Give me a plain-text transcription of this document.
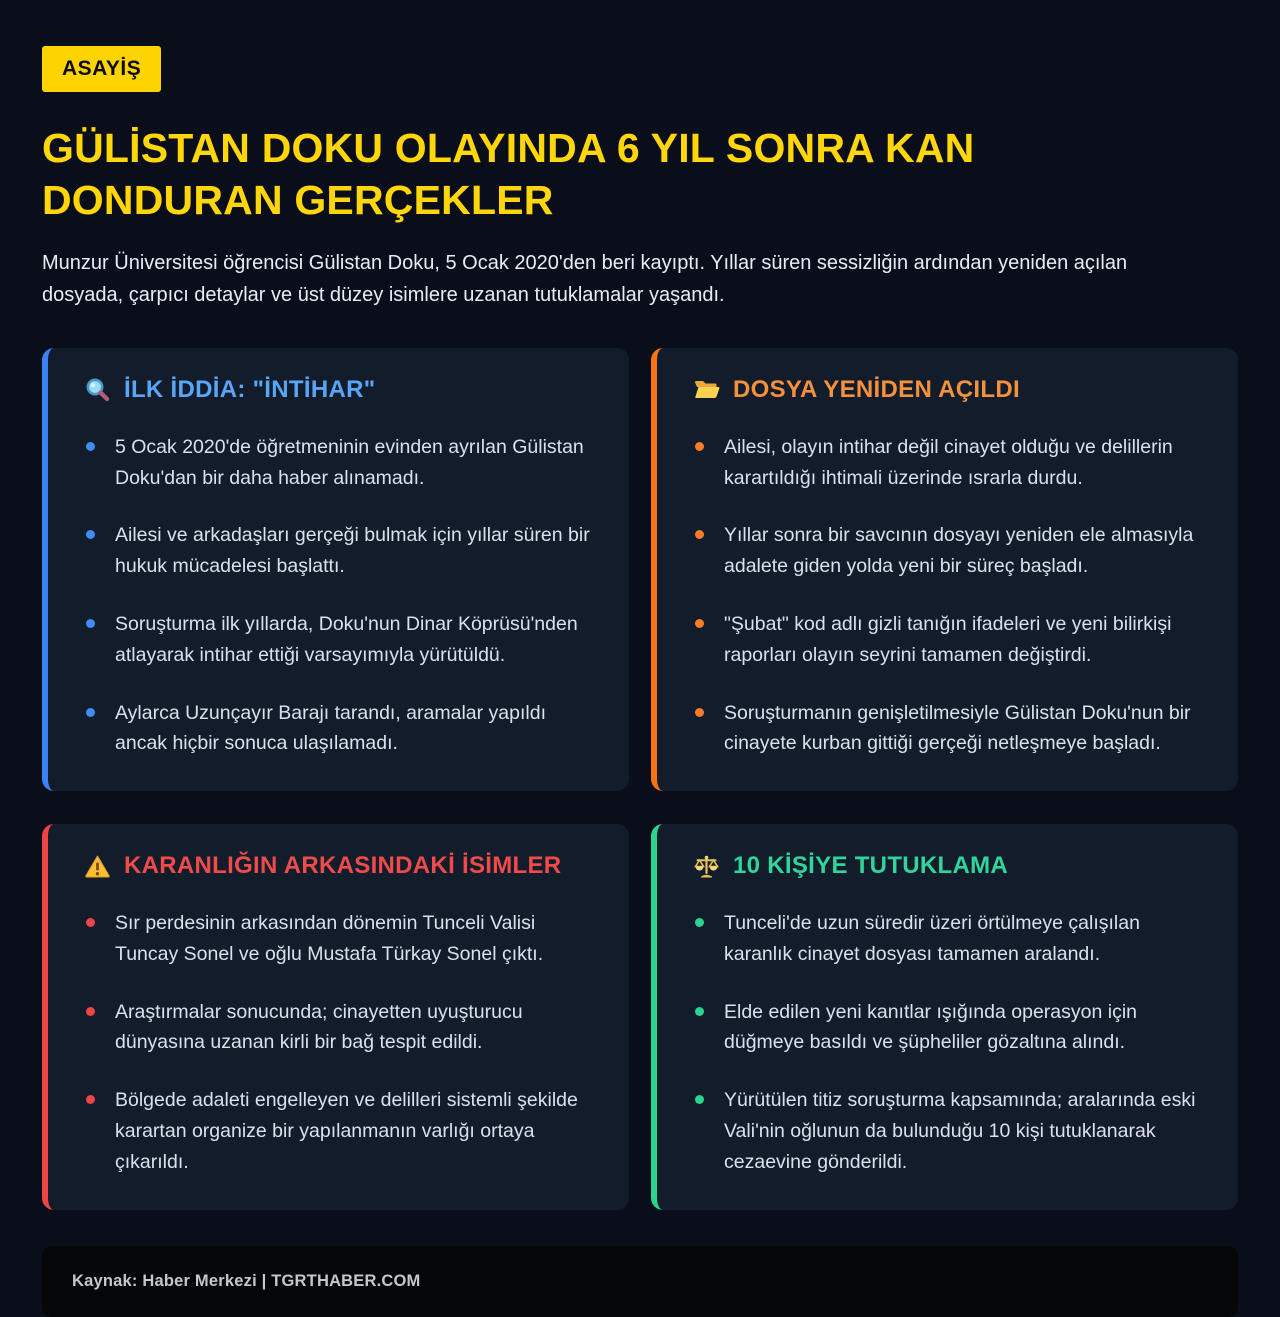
ASAYİŞ
GÜLİSTAN DOKU OLAYINDA 6 YIL SONRA KAN DONDURAN GERÇEKLER

Munzur Üniversitesi öğrencisi Gülistan Doku, 5 Ocak 2020'den beri kayıptı. Yıllar süren sessizliğin ardından yeniden açılan dosyada, çarpıcı detaylar ve üst düzey isimlere uzanan tutuklamalar yaşandı.

İLK İDDİA: "İNTİHAR"
5 Ocak 2020'de öğretmeninin evinden ayrılan Gülistan Doku'dan bir daha haber alınamadı.
Ailesi ve arkadaşları gerçeği bulmak için yıllar süren bir hukuk mücadelesi başlattı.
Soruşturma ilk yıllarda, Doku'nun Dinar Köprüsü'nden atlayarak intihar ettiği varsayımıyla yürütüldü.
Aylarca Uzunçayır Barajı tarandı, aramalar yapıldı ancak hiçbir sonuca ulaşılamadı.
DOSYA YENİDEN AÇILDI
Ailesi, olayın intihar değil cinayet olduğu ve delillerin karartıldığı ihtimali üzerinde ısrarla durdu.
Yıllar sonra bir savcının dosyayı yeniden ele almasıyla adalete giden yolda yeni bir süreç başladı.
"Şubat" kod adlı gizli tanığın ifadeleri ve yeni bilirkişi raporları olayın seyrini tamamen değiştirdi.
Soruşturmanın genişletilmesiyle Gülistan Doku'nun bir cinayete kurban gittiği gerçeği netleşmeye başladı.
KARANLIĞIN ARKASINDAKİ İSİMLER
Sır perdesinin arkasından dönemin Tunceli Valisi Tuncay Sonel ve oğlu Mustafa Türkay Sonel çıktı.
Araştırmalar sonucunda; cinayetten uyuşturucu dünyasına uzanan kirli bir bağ tespit edildi.
Bölgede adaleti engelleyen ve delilleri sistemli şekilde karartan organize bir yapılanmanın varlığı ortaya çıkarıldı.
10 KİŞİYE TUTUKLAMA
Tunceli'de uzun süredir üzeri örtülmeye çalışılan karanlık cinayet dosyası tamamen aralandı.
Elde edilen yeni kanıtlar ışığında operasyon için düğmeye basıldı ve şüpheliler gözaltına alındı.
Yürütülen titiz soruşturma kapsamında; aralarında eski Vali'nin oğlunun da bulunduğu 10 kişi tutuklanarak cezaevine gönderildi.
Kaynak: Haber Merkezi | TGRTHABER.COM
